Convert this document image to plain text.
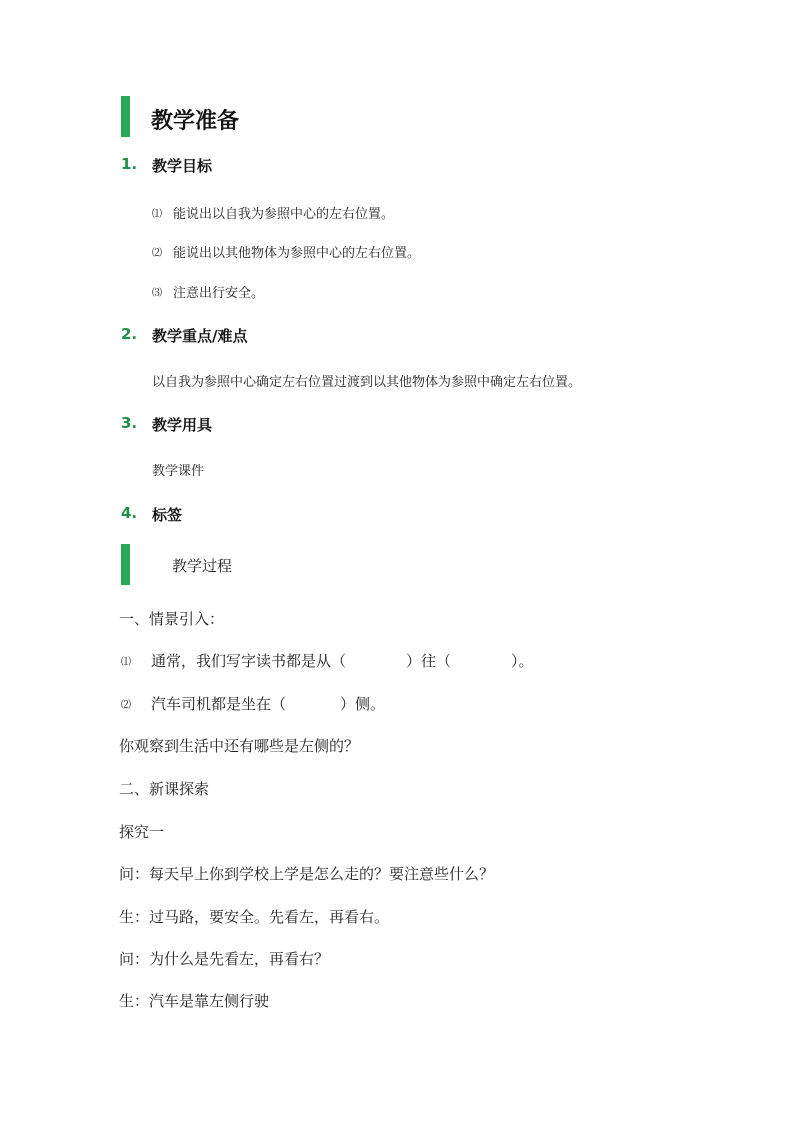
教学准备
1. 教学目标
⑴ 能说出以自我为参照中心的左右位置。
⑵ 能说出以其他物体为参照中心的左右位置。
⑶ 注意出行安全。
2. 教学重点/难点
以自我为参照中心确定左右位置过渡到以其他物体为参照中确定左右位置。
3. 教学用具
教学课件
4. 标签
教学过程
一、情景引入：
⑴ 通常，我们写字读书都是从（	）往（	）。
⑵ 汽车司机都是坐在（	）侧。
你观察到生活中还有哪些是左侧的？
二、新课探索
探究一
问：每天早上你到学校上学是怎么走的？要注意些什么？
生：过马路，要安全。先看左，再看右。
问：为什么是先看左，再看右？
生：汽车是靠左侧行驶
